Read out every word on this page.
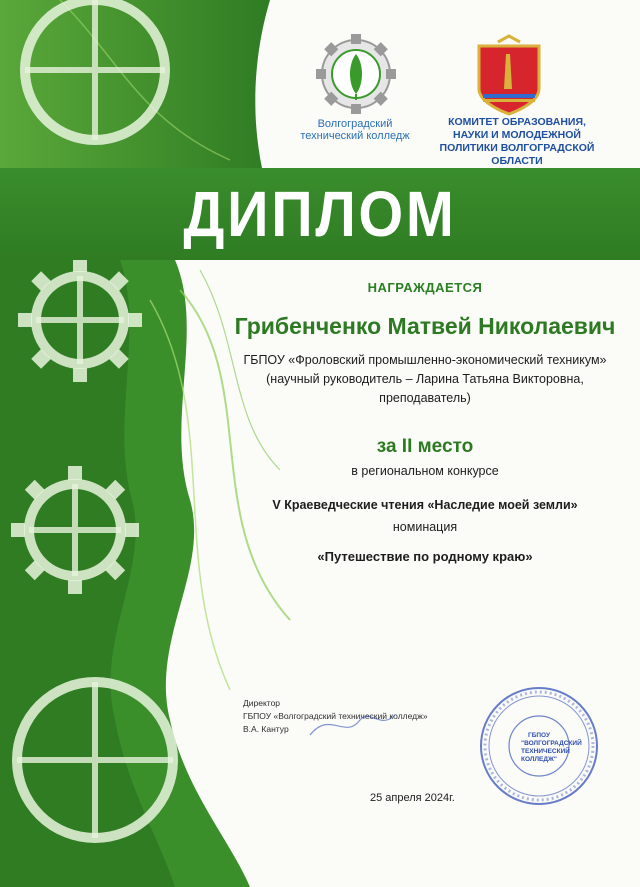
Волгоградский технический колледж
КОМИТЕТ ОБРАЗОВАНИЯ, НАУКИ И МОЛОДЕЖНОЙ ПОЛИТИКИ ВОЛГОГРАДСКОЙ ОБЛАСТИ
ДИПЛОМ
НАГРАЖДАЕТСЯ
Грибенченко Матвей Николаевич
ГБПОУ «Фроловский промышленно-экономический техникум»
(научный руководитель – Ларина Татьяна Викторовна,
преподаватель)
за II место
в региональном конкурсе
V Краеведческие чтения «Наследие моей земли»
номинация
«Путешествие по родному краю»
Директор
ГБПОУ «Волгоградский технический колледж»
В.А. Кантур
25 апреля 2024г.
ГБПОУ
"ВОЛГОГРАДСКИЙ ТЕХНИЧЕСКИЙ КОЛЛЕДЖ"
